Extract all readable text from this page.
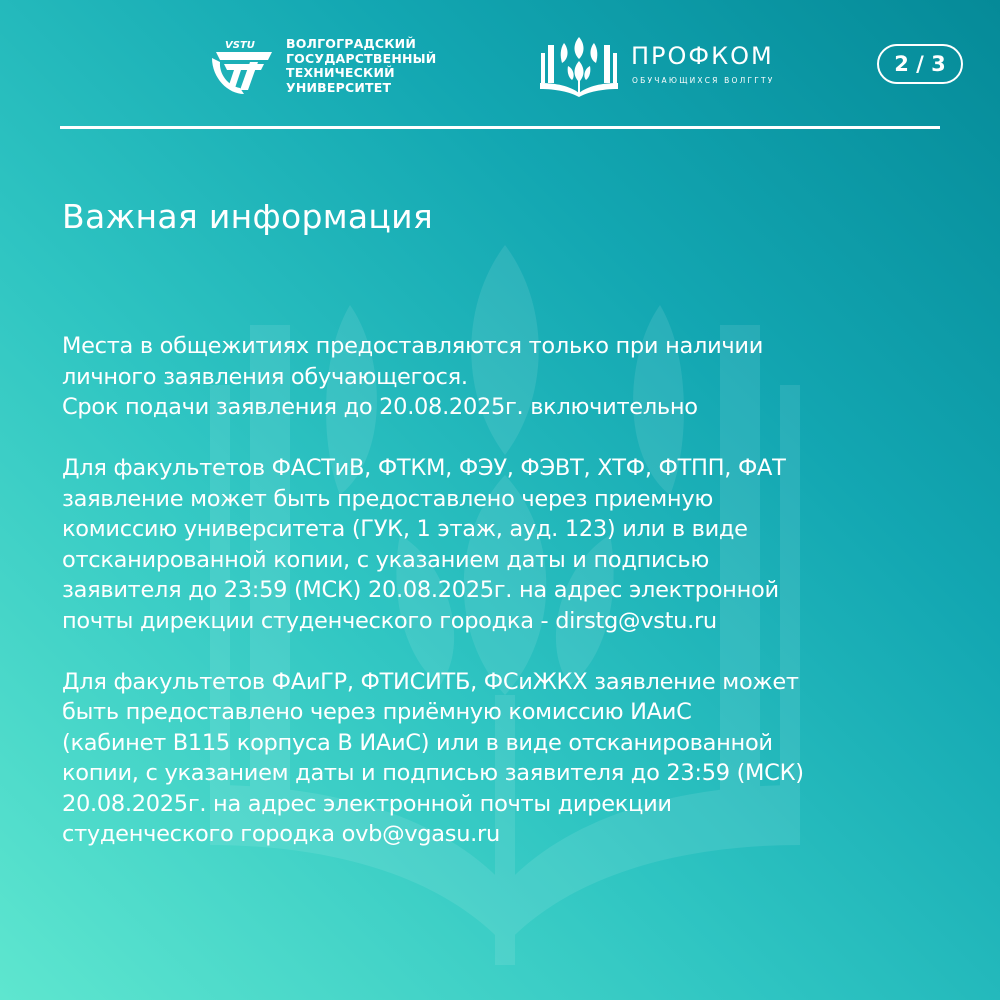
VSTU ВОЛГОГРАДСКИЙ
ГОСУДАРСТВЕННЫЙ
ТЕХНИЧЕСКИЙ
УНИВЕРСИТЕТ
ПРОФКОМ
ОБУЧАЮЩИХСЯ ВОЛГГТУ
2 / 3
Важная информация

Места в общежитиях предоставляются только при наличии
личного заявления обучающегося.
Срок подачи заявления до 20.08.2025г. включительно

Для факультетов ФАСТиВ, ФТКМ, ФЭУ, ФЭВТ, ХТФ, ФТПП, ФАТ
заявление может быть предоставлено через приемную
комиссию университета (ГУК, 1 этаж, ауд. 123) или в виде
отсканированной копии, с указанием даты и подписью
заявителя до 23:59 (МСК) 20.08.2025г. на адрес электронной
почты дирекции студенческого городка - dirstg@vstu.ru

Для факультетов ФАиГР, ФТИСИТБ, ФСиЖКХ заявление может
быть предоставлено через приёмную комиссию ИАиС
(кабинет В115 корпуса В ИАиС) или в виде отсканированной
копии, с указанием даты и подписью заявителя до 23:59 (МСК)
20.08.2025г. на адрес электронной почты дирекции
студенческого городка ovb@vgasu.ru
